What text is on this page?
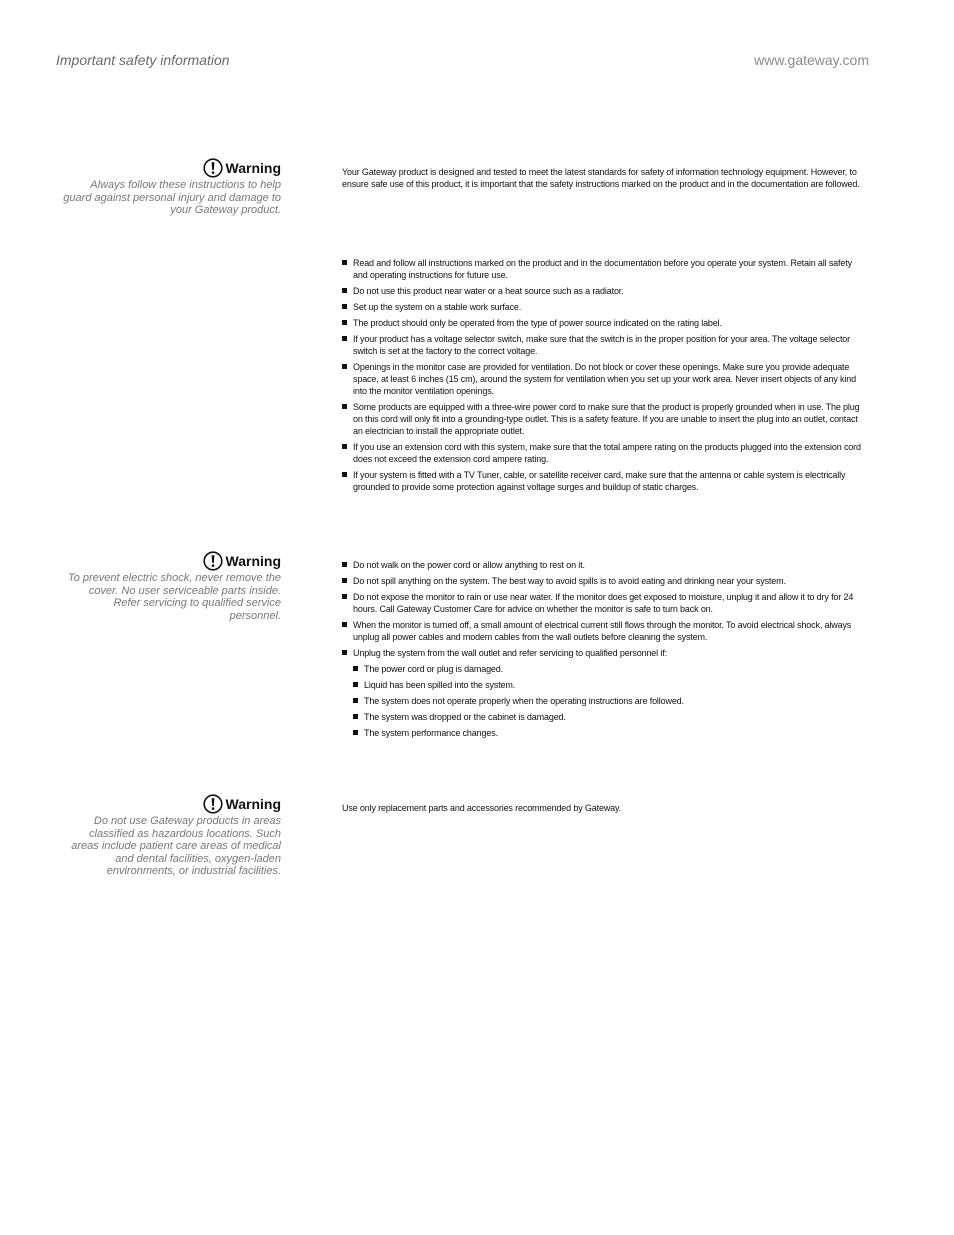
Important safety information	www.gateway.com
Warning
Always follow these instructions to help guard against personal injury and damage to your Gateway product.

Your Gateway product is designed and tested to meet the latest standards for safety of information technology equipment. However, to ensure safe use of this product, it is important that the safety instructions marked on the product and in the documentation are followed.

Read and follow all instructions marked on the product and in the documentation before you operate your system. Retain all safety and operating instructions for future use.
Do not use this product near water or a heat source such as a radiator.
Set up the system on a stable work surface.
The product should only be operated from the type of power source indicated on the rating label.
If your product has a voltage selector switch, make sure that the switch is in the proper position for your area. The voltage selector switch is set at the factory to the correct voltage.
Openings in the monitor case are provided for ventilation. Do not block or cover these openings. Make sure you provide adequate space, at least 6 inches (15 cm), around the system for ventilation when you set up your work area. Never insert objects of any kind into the monitor ventilation openings.
Some products are equipped with a three-wire power cord to make sure that the product is properly grounded when in use. The plug on this cord will only fit into a grounding-type outlet. This is a safety feature. If you are unable to insert the plug into an outlet, contact an electrician to install the appropriate outlet.
If you use an extension cord with this system, make sure that the total ampere rating on the products plugged into the extension cord does not exceed the extension cord ampere rating.
If your system is fitted with a TV Tuner, cable, or satellite receiver card, make sure that the antenna or cable system is electrically grounded to provide some protection against voltage surges and buildup of static charges.
Warning
To prevent electric shock, never remove the cover. No user serviceable parts inside. Refer servicing to qualified service personnel.
Do not walk on the power cord or allow anything to rest on it.
Do not spill anything on the system. The best way to avoid spills is to avoid eating and drinking near your system.
Do not expose the monitor to rain or use near water. If the monitor does get exposed to moisture, unplug it and allow it to dry for 24 hours. Call Gateway Customer Care for advice on whether the monitor is safe to turn back on.
When the monitor is turned off, a small amount of electrical current still flows through the monitor. To avoid electrical shock, always unplug all power cables and modem cables from the wall outlets before cleaning the system.
Unplug the system from the wall outlet and refer servicing to qualified personnel if:
The power cord or plug is damaged.
Liquid has been spilled into the system.
The system does not operate properly when the operating instructions are followed.
The system was dropped or the cabinet is damaged.
The system performance changes.
Warning
Do not use Gateway products in areas classified as hazardous locations. Such areas include patient care areas of medical and dental facilities, oxygen-laden environments, or industrial facilities.

Use only replacement parts and accessories recommended by Gateway.
